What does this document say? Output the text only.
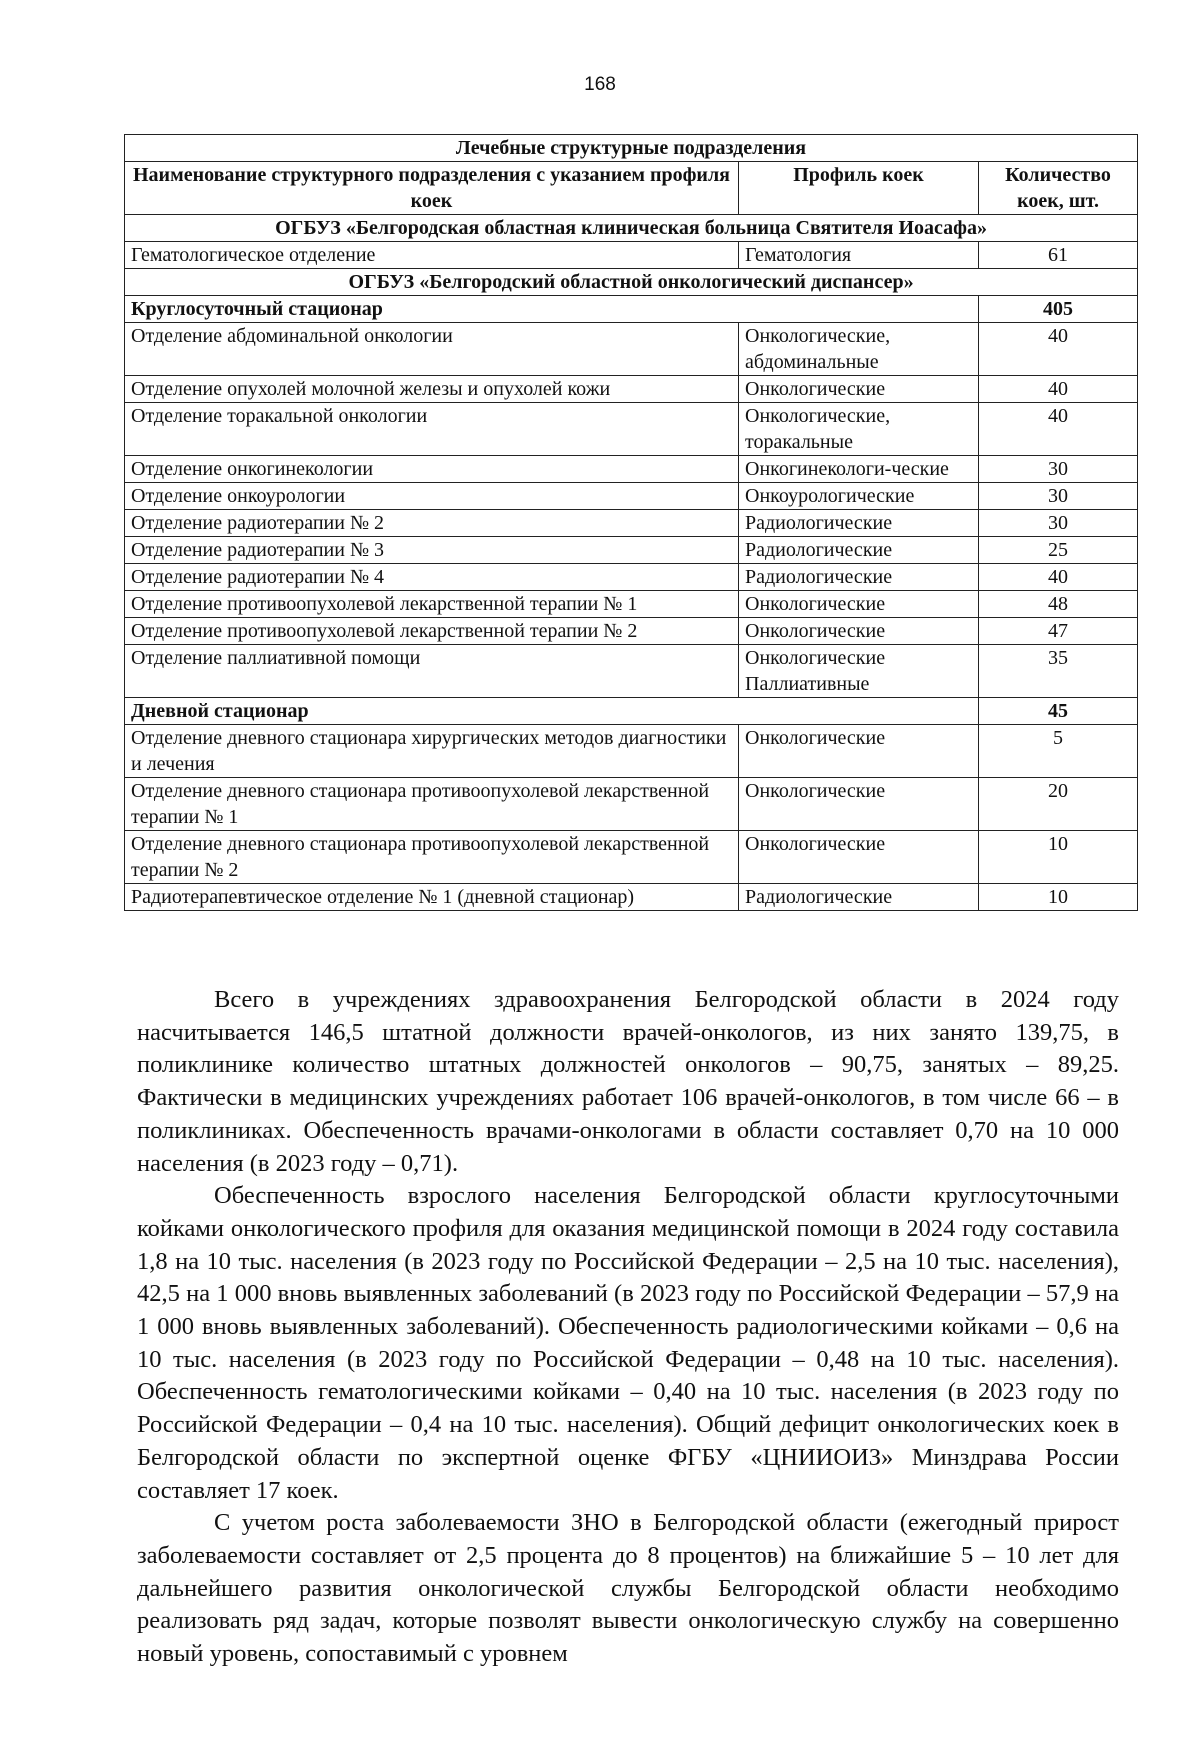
168
Лечебные структурные подразделения		
Наименование структурного подразделения с указанием профиля коек	Профиль коек	Количество коек, шт.
ОГБУЗ «Белгородская областная клиническая больница Святителя Иоасафа»		
Гематологическое отделение	Гематология	61
ОГБУЗ «Белгородский областной онкологический диспансер»		
Круглосуточный стационар		405
Отделение абдоминальной онкологии	Онкологические, абдоминальные	40
Отделение опухолей молочной железы и опухолей кожи	Онкологические	40
Отделение торакальной онкологии	Онкологические, торакальные	40
Отделение онкогинекологии	Онкогинекологи-ческие	30
Отделение онкоурологии	Онкоурологические	30
Отделение радиотерапии № 2	Радиологические	30
Отделение радиотерапии № 3	Радиологические	25
Отделение радиотерапии № 4	Радиологические	40
Отделение противоопухолевой лекарственной терапии № 1	Онкологические	48
Отделение противоопухолевой лекарственной терапии № 2	Онкологические	47
Отделение паллиативной помощи	Онкологические Паллиативные	35
Дневной стационар		45
Отделение дневного стационара хирургических методов диагностики и лечения	Онкологические	5
Отделение дневного стационара противоопухолевой лекарственной терапии № 1	Онкологические	20
Отделение дневного стационара противоопухолевой лекарственной терапии № 2	Онкологические	10
Радиотерапевтическое отделение № 1 (дневной стационар)	Радиологические	10

Всего в учреждениях здравоохранения Белгородской области в 2024 году насчитывается 146,5 штатной должности врачей-онкологов, из них занято 139,75, в поликлинике количество штатных должностей онкологов – 90,75, занятых – 89,25. Фактически в медицинских учреждениях работает 106 врачей-онкологов, в том числе 66 – в поликлиниках. Обеспеченность врачами-онкологами в области составляет 0,70 на 10 000 населения (в 2023 году – 0,71).

Обеспеченность взрослого населения Белгородской области круглосуточными койками онкологического профиля для оказания медицинской помощи в 2024 году составила 1,8 на 10 тыс. населения (в 2023 году по Российской Федерации – 2,5 на 10 тыс. населения), 42,5 на 1 000 вновь выявленных заболеваний (в 2023 году по Российской Федерации – 57,9 на 1 000 вновь выявленных заболеваний). Обеспеченность радиологическими койками – 0,6 на 10 тыс. населения (в 2023 году по Российской Федерации – 0,48 на 10 тыс. населения). Обеспеченность гематологическими койками – 0,40 на 10 тыс. населения (в 2023 году по Российской Федерации – 0,4 на 10 тыс. населения). Общий дефицит онкологических коек в Белгородской области по экспертной оценке ФГБУ «ЦНИИОИЗ» Минздрава России составляет 17 коек.

С учетом роста заболеваемости ЗНО в Белгородской области (ежегодный прирост заболеваемости составляет от 2,5 процента до 8 процентов) на ближайшие 5 – 10 лет для дальнейшего развития онкологической службы Белгородской области необходимо реализовать ряд задач, которые позволят вывести онкологическую службу на совершенно новый уровень, сопоставимый с уровнем
